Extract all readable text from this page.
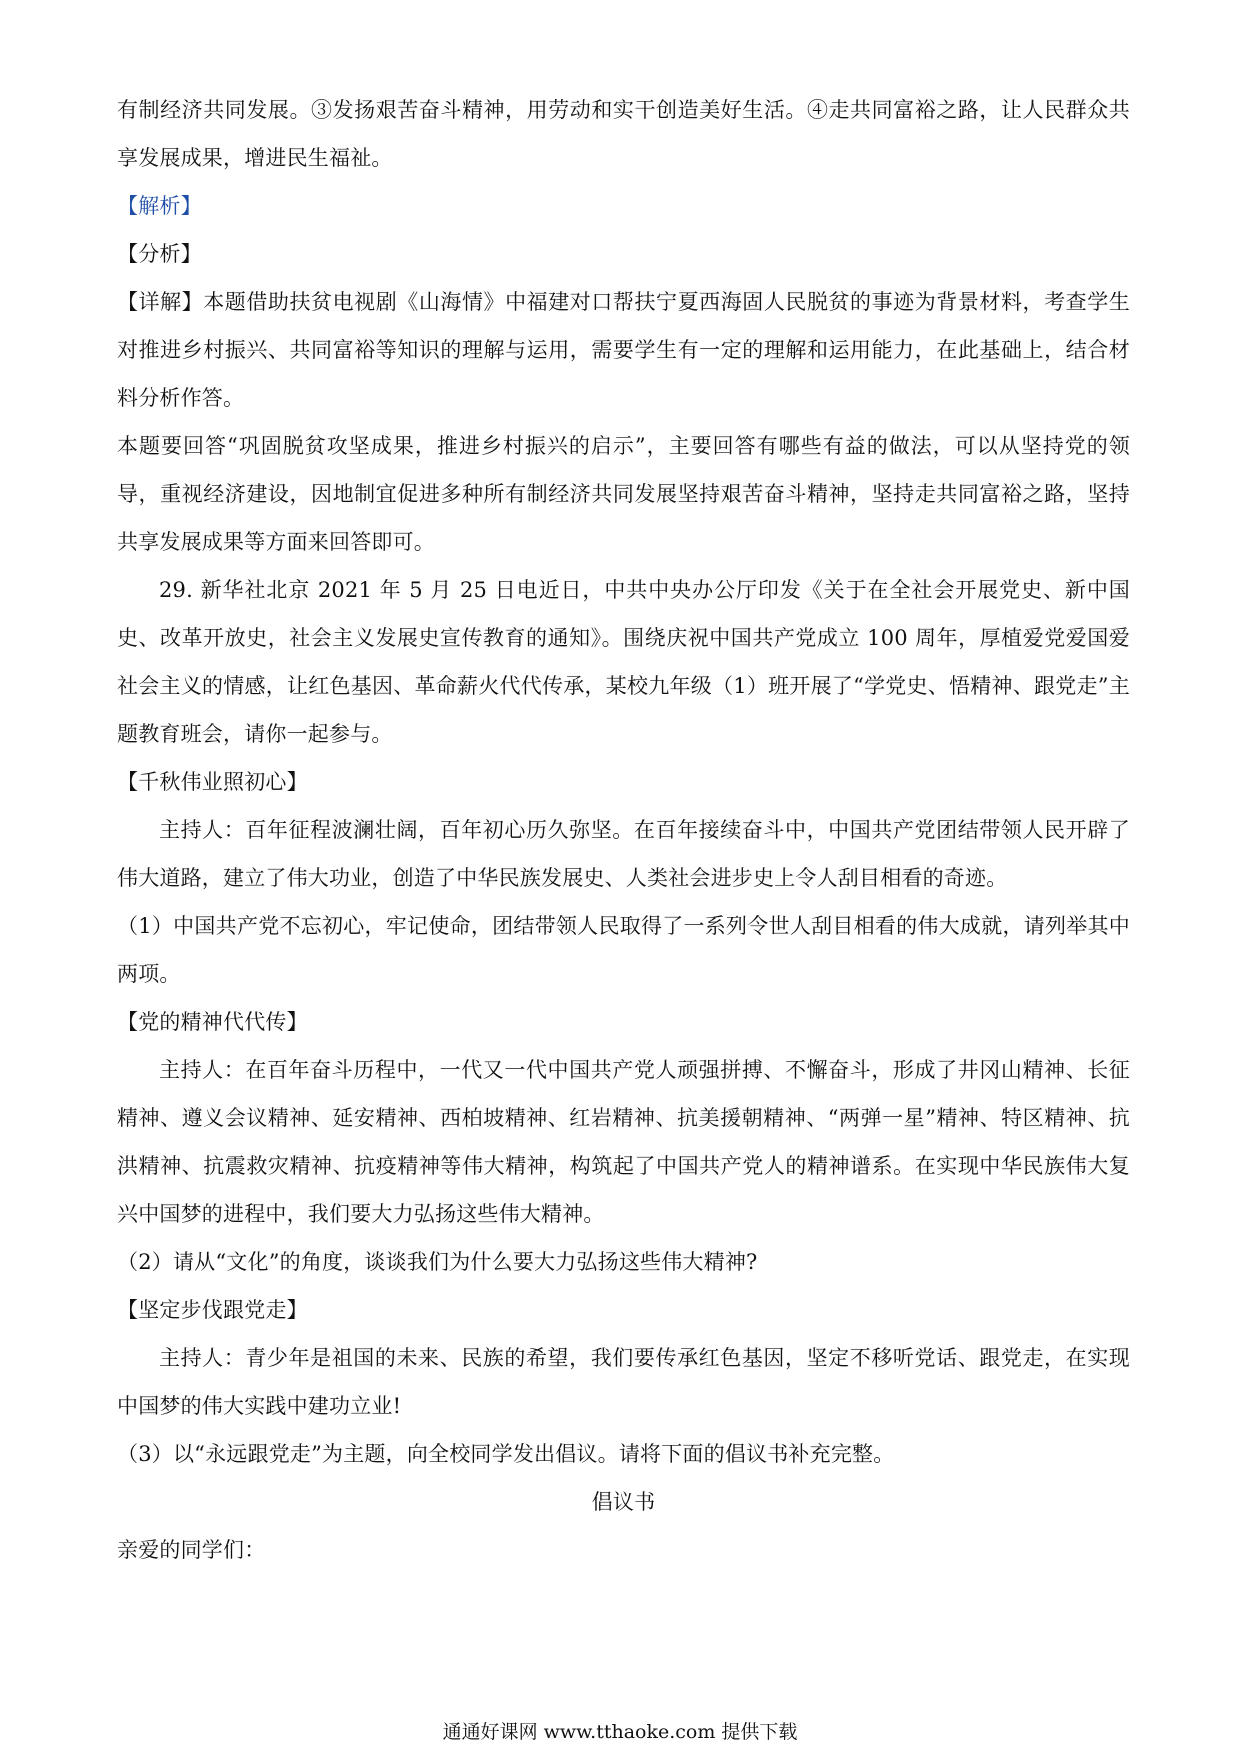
有制经济共同发展。③发扬艰苦奋斗精神，用劳动和实干创造美好生活。④走共同富裕之路，让人民群众共享发展成果，增进民生福祉。

【解析】

【分析】

【详解】本题借助扶贫电视剧《山海情》中福建对口帮扶宁夏西海固人民脱贫的事迹为背景材料，考查学生对推进乡村振兴、共同富裕等知识的理解与运用，需要学生有一定的理解和运用能力，在此基础上，结合材料分析作答。

本题要回答“巩固脱贫攻坚成果，推进乡村振兴的启示”，主要回答有哪些有益的做法，可以从坚持党的领导，重视经济建设，因地制宜促进多种所有制经济共同发展坚持艰苦奋斗精神，坚持走共同富裕之路，坚持共享发展成果等方面来回答即可。

29. 新华社北京 2021 年 5 月 25 日电近日，中共中央办公厅印发《关于在全社会开展党史、新中国史、改革开放史，社会主义发展史宣传教育的通知》。围绕庆祝中国共产党成立 100 周年，厚植爱党爱国爱社会主义的情感，让红色基因、革命薪火代代传承，某校九年级（1）班开展了“学党史、悟精神、跟党走”主题教育班会，请你一起参与。

【千秋伟业照初心】

主持人：百年征程波澜壮阔，百年初心历久弥坚。在百年接续奋斗中，中国共产党团结带领人民开辟了伟大道路，建立了伟大功业，创造了中华民族发展史、人类社会进步史上令人刮目相看的奇迹。

（1）中国共产党不忘初心，牢记使命，团结带领人民取得了一系列令世人刮目相看的伟大成就，请列举其中两项。

【党的精神代代传】

主持人：在百年奋斗历程中，一代又一代中国共产党人顽强拼搏、不懈奋斗，形成了井冈山精神、长征精神、遵义会议精神、延安精神、西柏坡精神、红岩精神、抗美援朝精神、“两弹一星”精神、特区精神、抗洪精神、抗震救灾精神、抗疫精神等伟大精神，构筑起了中国共产党人的精神谱系。在实现中华民族伟大复兴中国梦的进程中，我们要大力弘扬这些伟大精神。

（2）请从“文化”的角度，谈谈我们为什么要大力弘扬这些伟大精神?

【坚定步伐跟党走】

主持人：青少年是祖国的未来、民族的希望，我们要传承红色基因，坚定不移听党话、跟党走，在实现中国梦的伟大实践中建功立业!

（3）以“永远跟党走”为主题，向全校同学发出倡议。请将下面的倡议书补充完整。

倡议书

亲爱的同学们：

通通好课网 www.tthaoke.com 提供下载
